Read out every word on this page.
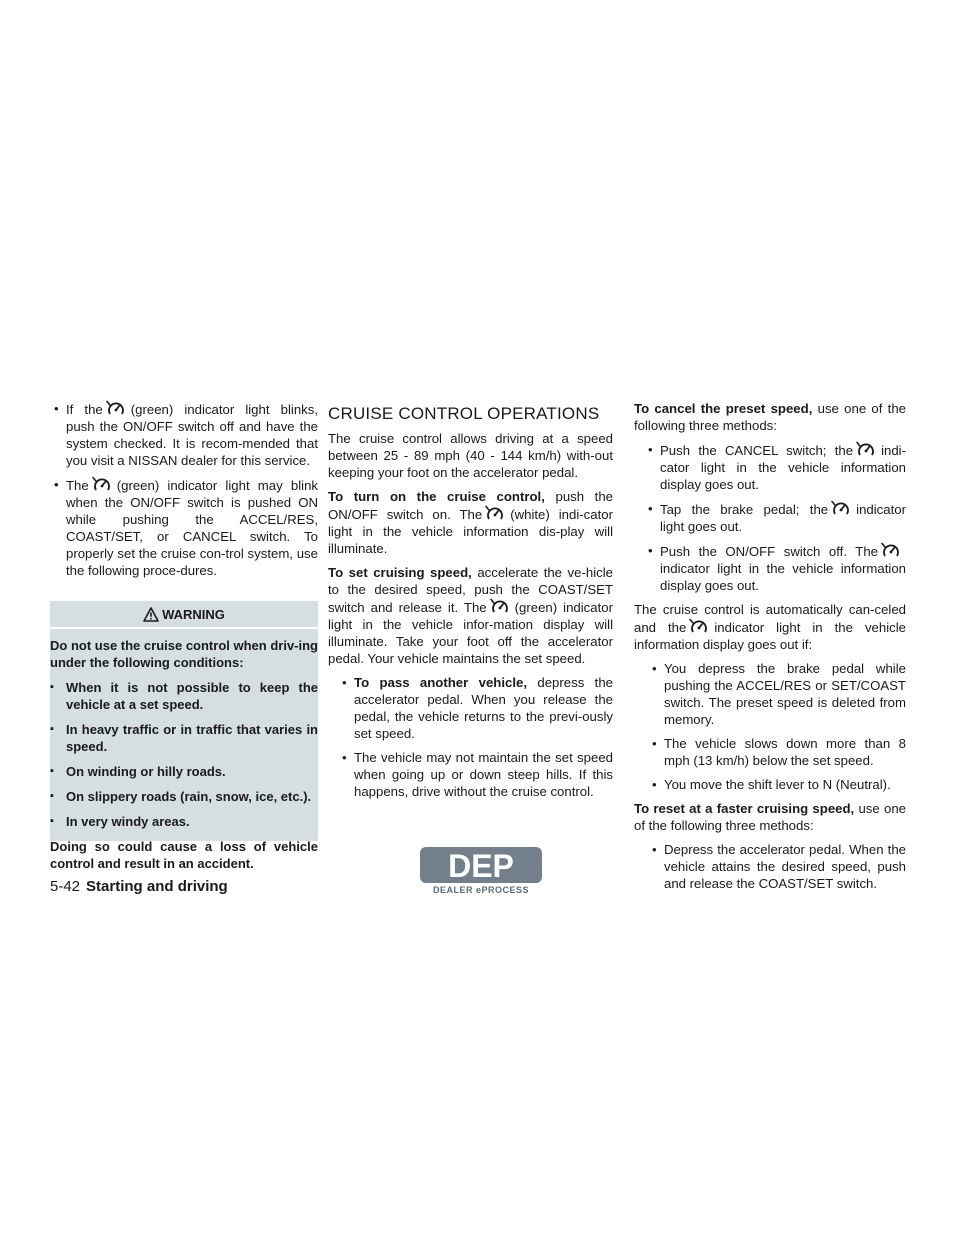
• If the (green) indicator light blinks, push the ON/OFF switch off and have the system checked. It is recom-mended that you visit a NISSAN dealer for this service.
• The (green) indicator light may blink when the ON/OFF switch is pushed ON while pushing the ACCEL/RES, COAST/SET, or CANCEL switch. To properly set the cruise con-trol system, use the following proce-dures.
WARNING

Do not use the cruise control when driv-ing under the following conditions:

▪ When it is not possible to keep the vehicle at a set speed.
▪ In heavy traffic or in traffic that varies in speed.
▪ On winding or hilly roads.
▪ On slippery roads (rain, snow, ice, etc.).
▪ In very windy areas.

Doing so could cause a loss of vehicle control and result in an accident.

CRUISE CONTROL OPERATIONS

The cruise control allows driving at a speed between 25 - 89 mph (40 - 144 km/h) with-out keeping your foot on the accelerator pedal.

To turn on the cruise control, push the ON/OFF switch on. The (white) indi-cator light in the vehicle information dis-play will illuminate.

To set cruising speed, accelerate the ve-hicle to the desired speed, push the COAST/SET switch and release it. The (green) indicator light in the vehicle infor-mation display will illuminate. Take your foot off the accelerator pedal. Your vehicle maintains the set speed.

• To pass another vehicle, depress the accelerator pedal. When you release the pedal, the vehicle returns to the previ-ously set speed.
• The vehicle may not maintain the set speed when going up or down steep hills. If this happens, drive without the cruise control.

To cancel the preset speed, use one of the following three methods:

• Push the CANCEL switch; the indi-cator light in the vehicle information display goes out.
• Tap the brake pedal; the indicator light goes out.
• Push the ON/OFF switch off. Theindicator light in the vehicle information display goes out.

The cruise control is automatically can-celed and the indicator light in the vehicle information display goes out if:

• You depress the brake pedal while pushing the ACCEL/RES or SET/COAST switch. The preset speed is deleted from memory.
• The vehicle slows down more than 8 mph (13 km/h) below the set speed.
• You move the shift lever to N (Neutral).

To reset at a faster cruising speed, use one of the following three methods:

• Depress the accelerator pedal. When the vehicle attains the desired speed, push and release the COAST/SET switch.
5-42 Starting and driving
DEP
DEALER ePROCESS
